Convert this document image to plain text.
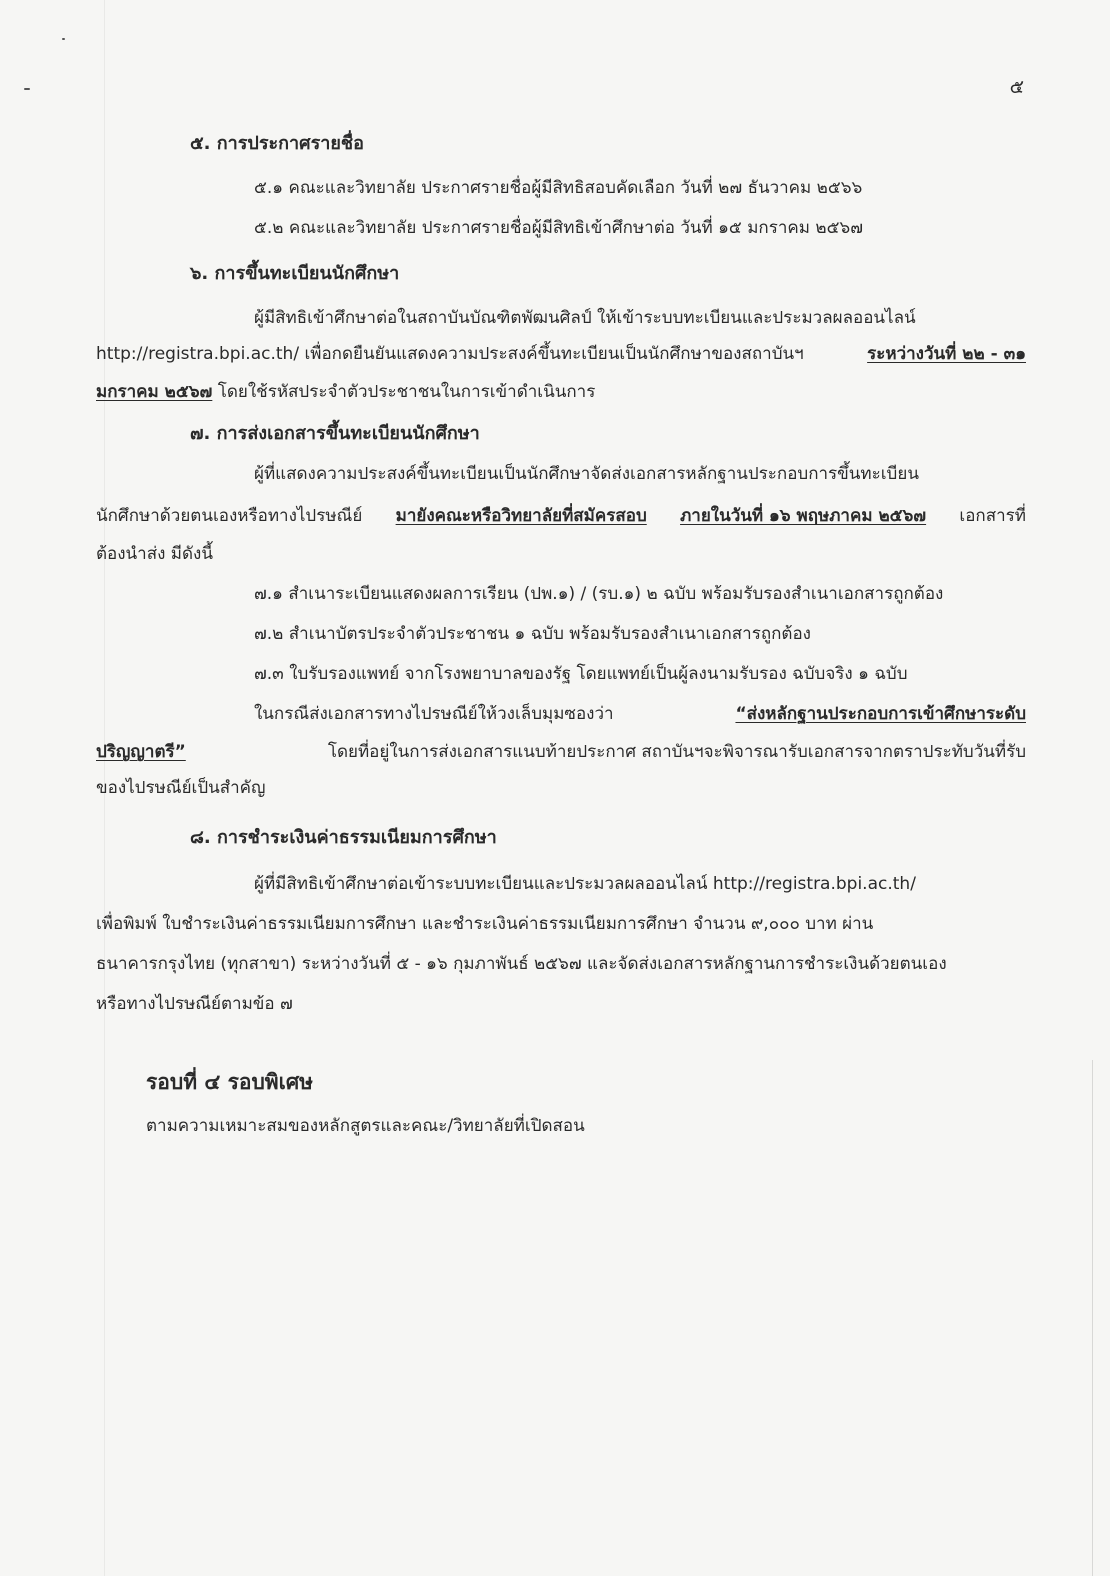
๕
๕. การประกาศรายชื่อ
๕.๑ คณะและวิทยาลัย ประกาศรายชื่อผู้มีสิทธิสอบคัดเลือก วันที่ ๒๗ ธันวาคม ๒๕๖๖
๕.๒ คณะและวิทยาลัย ประกาศรายชื่อผู้มีสิทธิเข้าศึกษาต่อ วันที่ ๑๕ มกราคม ๒๕๖๗
๖. การขึ้นทะเบียนนักศึกษา
ผู้มีสิทธิเข้าศึกษาต่อในสถาบันบัณฑิตพัฒนศิลป์ ให้เข้าระบบทะเบียนและประมวลผลออนไลน์
http://registra.bpi.ac.th/ เพื่อกดยืนยันแสดงความประสงค์ขึ้นทะเบียนเป็นนักศึกษาของสถาบันฯ	ระหว่างวันที่ ๒๒ - ๓๑
มกราคม ๒๕๖๗ โดยใช้รหัสประจำตัวประชาชนในการเข้าดำเนินการ
๗. การส่งเอกสารขึ้นทะเบียนนักศึกษา
ผู้ที่แสดงความประสงค์ขึ้นทะเบียนเป็นนักศึกษาจัดส่งเอกสารหลักฐานประกอบการขึ้นทะเบียน
นักศึกษาด้วยตนเองหรือทางไปรษณีย์ มายังคณะหรือวิทยาลัยที่สมัครสอบ ภายในวันที่ ๑๖ พฤษภาคม ๒๕๖๗ เอกสารที่
ต้องนำส่ง มีดังนี้
๗.๑ สำเนาระเบียนแสดงผลการเรียน (ปพ.๑) / (รบ.๑) ๒ ฉบับ พร้อมรับรองสำเนาเอกสารถูกต้อง
๗.๒ สำเนาบัตรประจำตัวประชาชน ๑ ฉบับ พร้อมรับรองสำเนาเอกสารถูกต้อง
๗.๓ ใบรับรองแพทย์ จากโรงพยาบาลของรัฐ โดยแพทย์เป็นผู้ลงนามรับรอง ฉบับจริง ๑ ฉบับ
ในกรณีส่งเอกสารทางไปรษณีย์ให้วงเล็บมุมซองว่า	“ส่งหลักฐานประกอบการเข้าศึกษาระดับ
ปริญญาตรี”	โดยที่อยู่ในการส่งเอกสารแนบท้ายประกาศ สถาบันฯจะพิจารณารับเอกสารจากตราประทับวันที่รับ
ของไปรษณีย์เป็นสำคัญ
๘. การชำระเงินค่าธรรมเนียมการศึกษา
ผู้ที่มีสิทธิเข้าศึกษาต่อเข้าระบบทะเบียนและประมวลผลออนไลน์ http://registra.bpi.ac.th/
เพื่อพิมพ์ ใบชำระเงินค่าธรรมเนียมการศึกษา และชำระเงินค่าธรรมเนียมการศึกษา จำนวน ๙,๐๐๐ บาท ผ่าน
ธนาคารกรุงไทย (ทุกสาขา) ระหว่างวันที่ ๕ - ๑๖ กุมภาพันธ์ ๒๕๖๗ และจัดส่งเอกสารหลักฐานการชำระเงินด้วยตนเอง
หรือทางไปรษณีย์ตามข้อ ๗
รอบที่ ๔ รอบพิเศษ
ตามความเหมาะสมของหลักสูตรและคณะ/วิทยาลัยที่เปิดสอน
